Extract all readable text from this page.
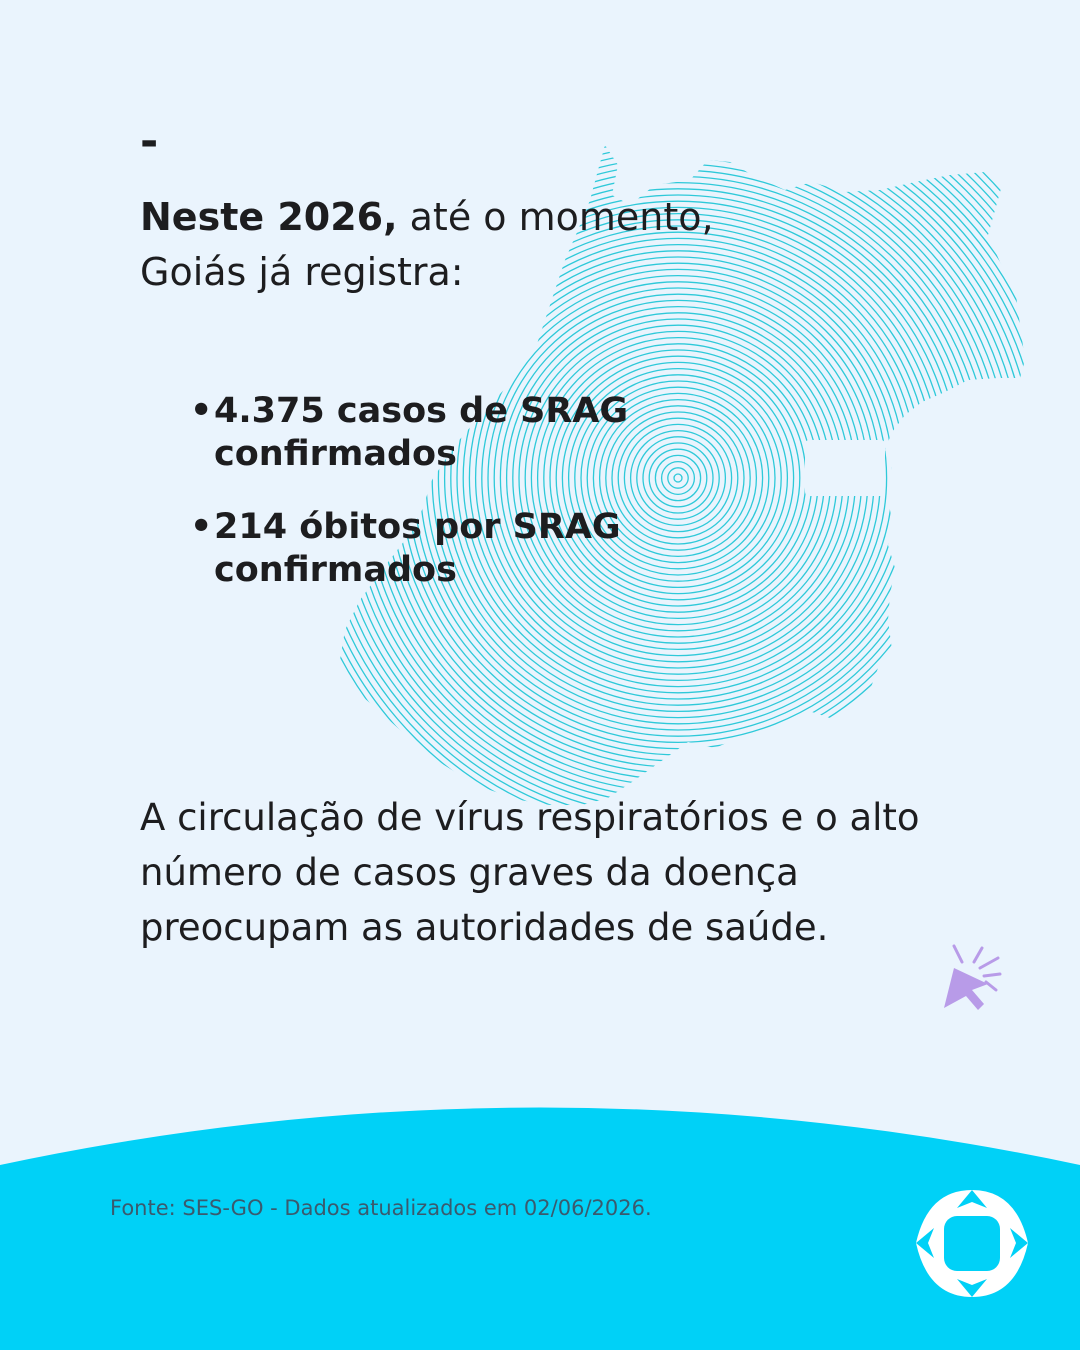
-
Neste 2026, até o momento,
Goiás já registra:
• 4.375 casos de SRAG confirmados
• 214 óbitos por SRAG confirmados
A circulação de vírus respiratórios e o alto número de casos graves da doença preocupam as autoridades de saúde.
Fonte: SES-GO - Dados atualizados em 02/06/2026.
